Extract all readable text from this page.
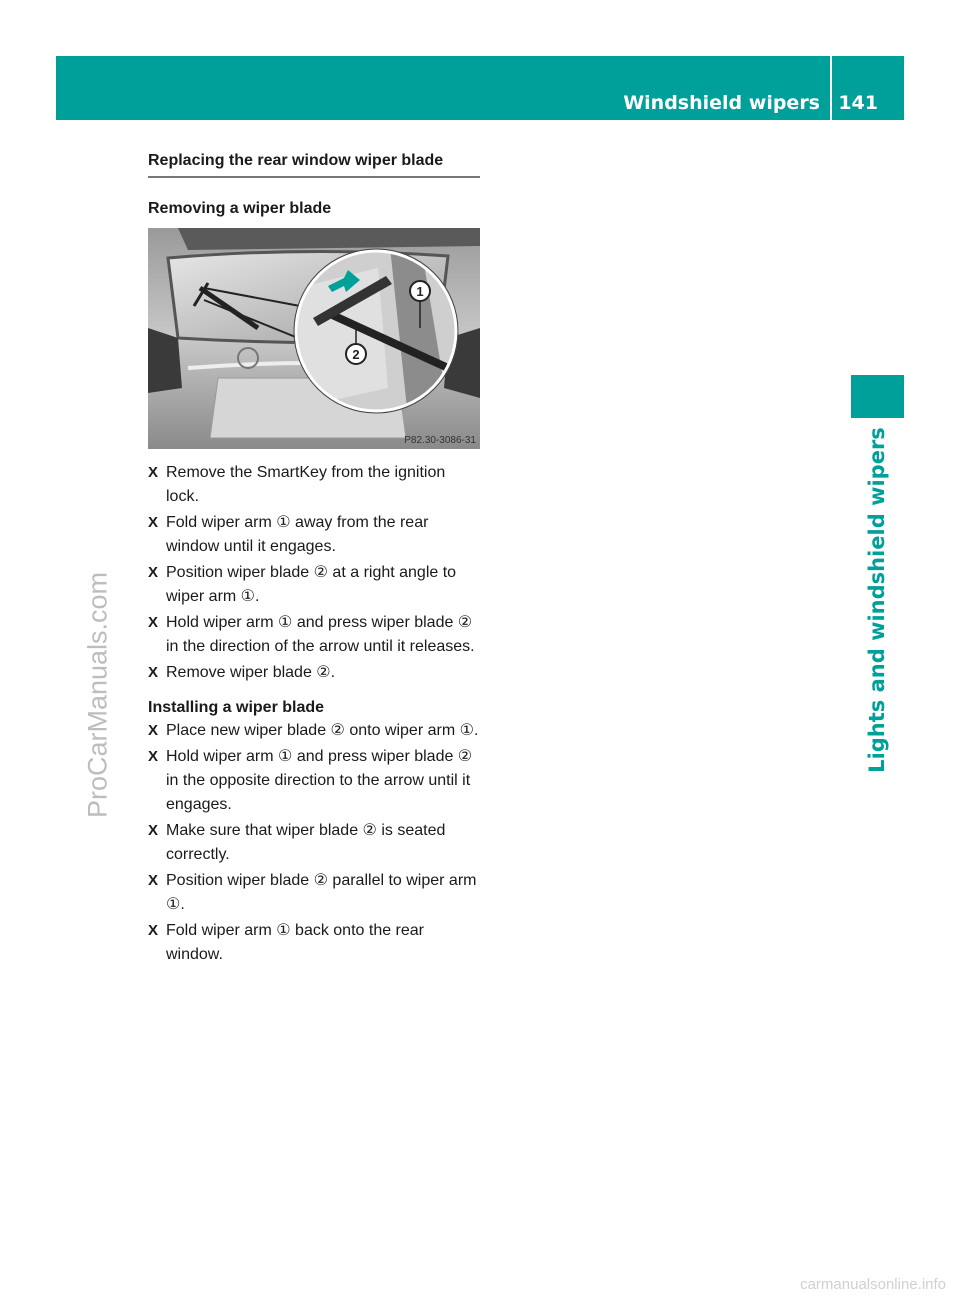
Windshield wipers 141
Lights and windshield wipers
ProCarManuals.com
carmanualsonline.info
Replacing the rear window wiper blade
Removing a wiper blade
1
2
P82.30-3086-31
X Remove the SmartKey from the ignition lock.
X Fold wiper arm ① away from the rear window until it engages.
X Position wiper blade ② at a right angle to wiper arm ①.
X Hold wiper arm ① and press wiper blade ② in the direction of the arrow until it releases.
X Remove wiper blade ②.
Installing a wiper blade
X Place new wiper blade ② onto wiper arm ①.
X Hold wiper arm ① and press wiper blade ② in the opposite direction to the arrow until it engages.
X Make sure that wiper blade ② is seated correctly.
X Position wiper blade ② parallel to wiper arm ①.
X Fold wiper arm ① back onto the rear window.
